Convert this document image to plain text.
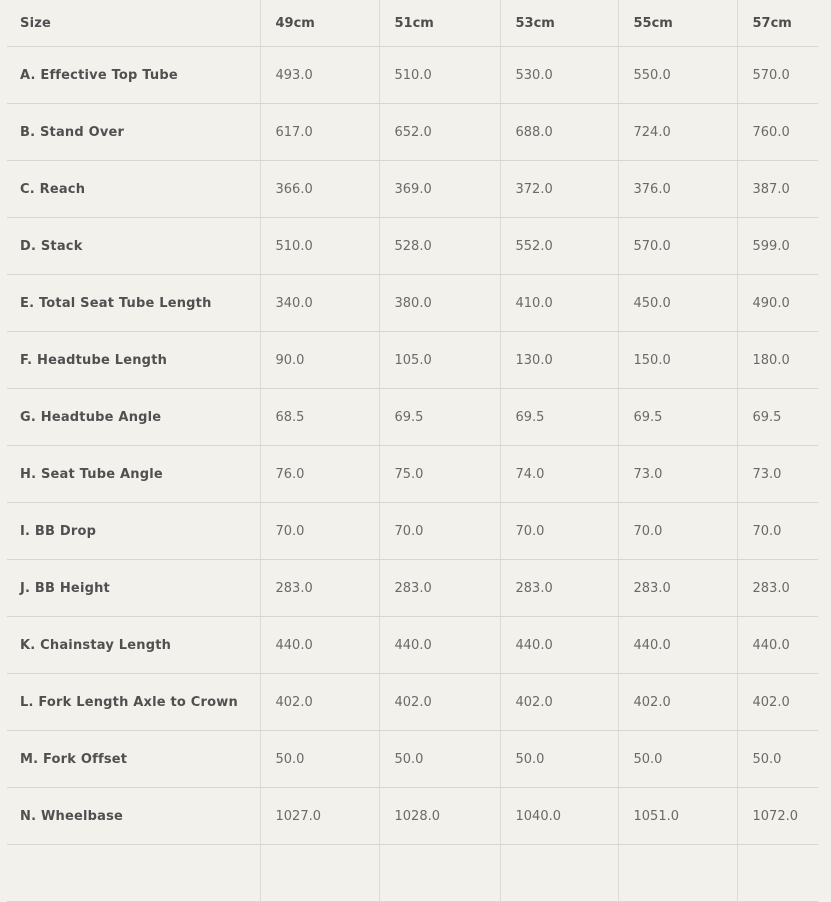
Size	49cm	51cm	53cm	55cm	57cm
A. Effective Top Tube	493.0	510.0	530.0	550.0	570.0
B. Stand Over	617.0	652.0	688.0	724.0	760.0
C. Reach	366.0	369.0	372.0	376.0	387.0
D. Stack	510.0	528.0	552.0	570.0	599.0
E. Total Seat Tube Length	340.0	380.0	410.0	450.0	490.0
F. Headtube Length	90.0	105.0	130.0	150.0	180.0
G. Headtube Angle	68.5	69.5	69.5	69.5	69.5
H. Seat Tube Angle	76.0	75.0	74.0	73.0	73.0
I. BB Drop	70.0	70.0	70.0	70.0	70.0
J. BB Height	283.0	283.0	283.0	283.0	283.0
K. Chainstay Length	440.0	440.0	440.0	440.0	440.0
L. Fork Length Axle to Crown	402.0	402.0	402.0	402.0	402.0
M. Fork Offset	50.0	50.0	50.0	50.0	50.0
N. Wheelbase	1027.0	1028.0	1040.0	1051.0	1072.0
